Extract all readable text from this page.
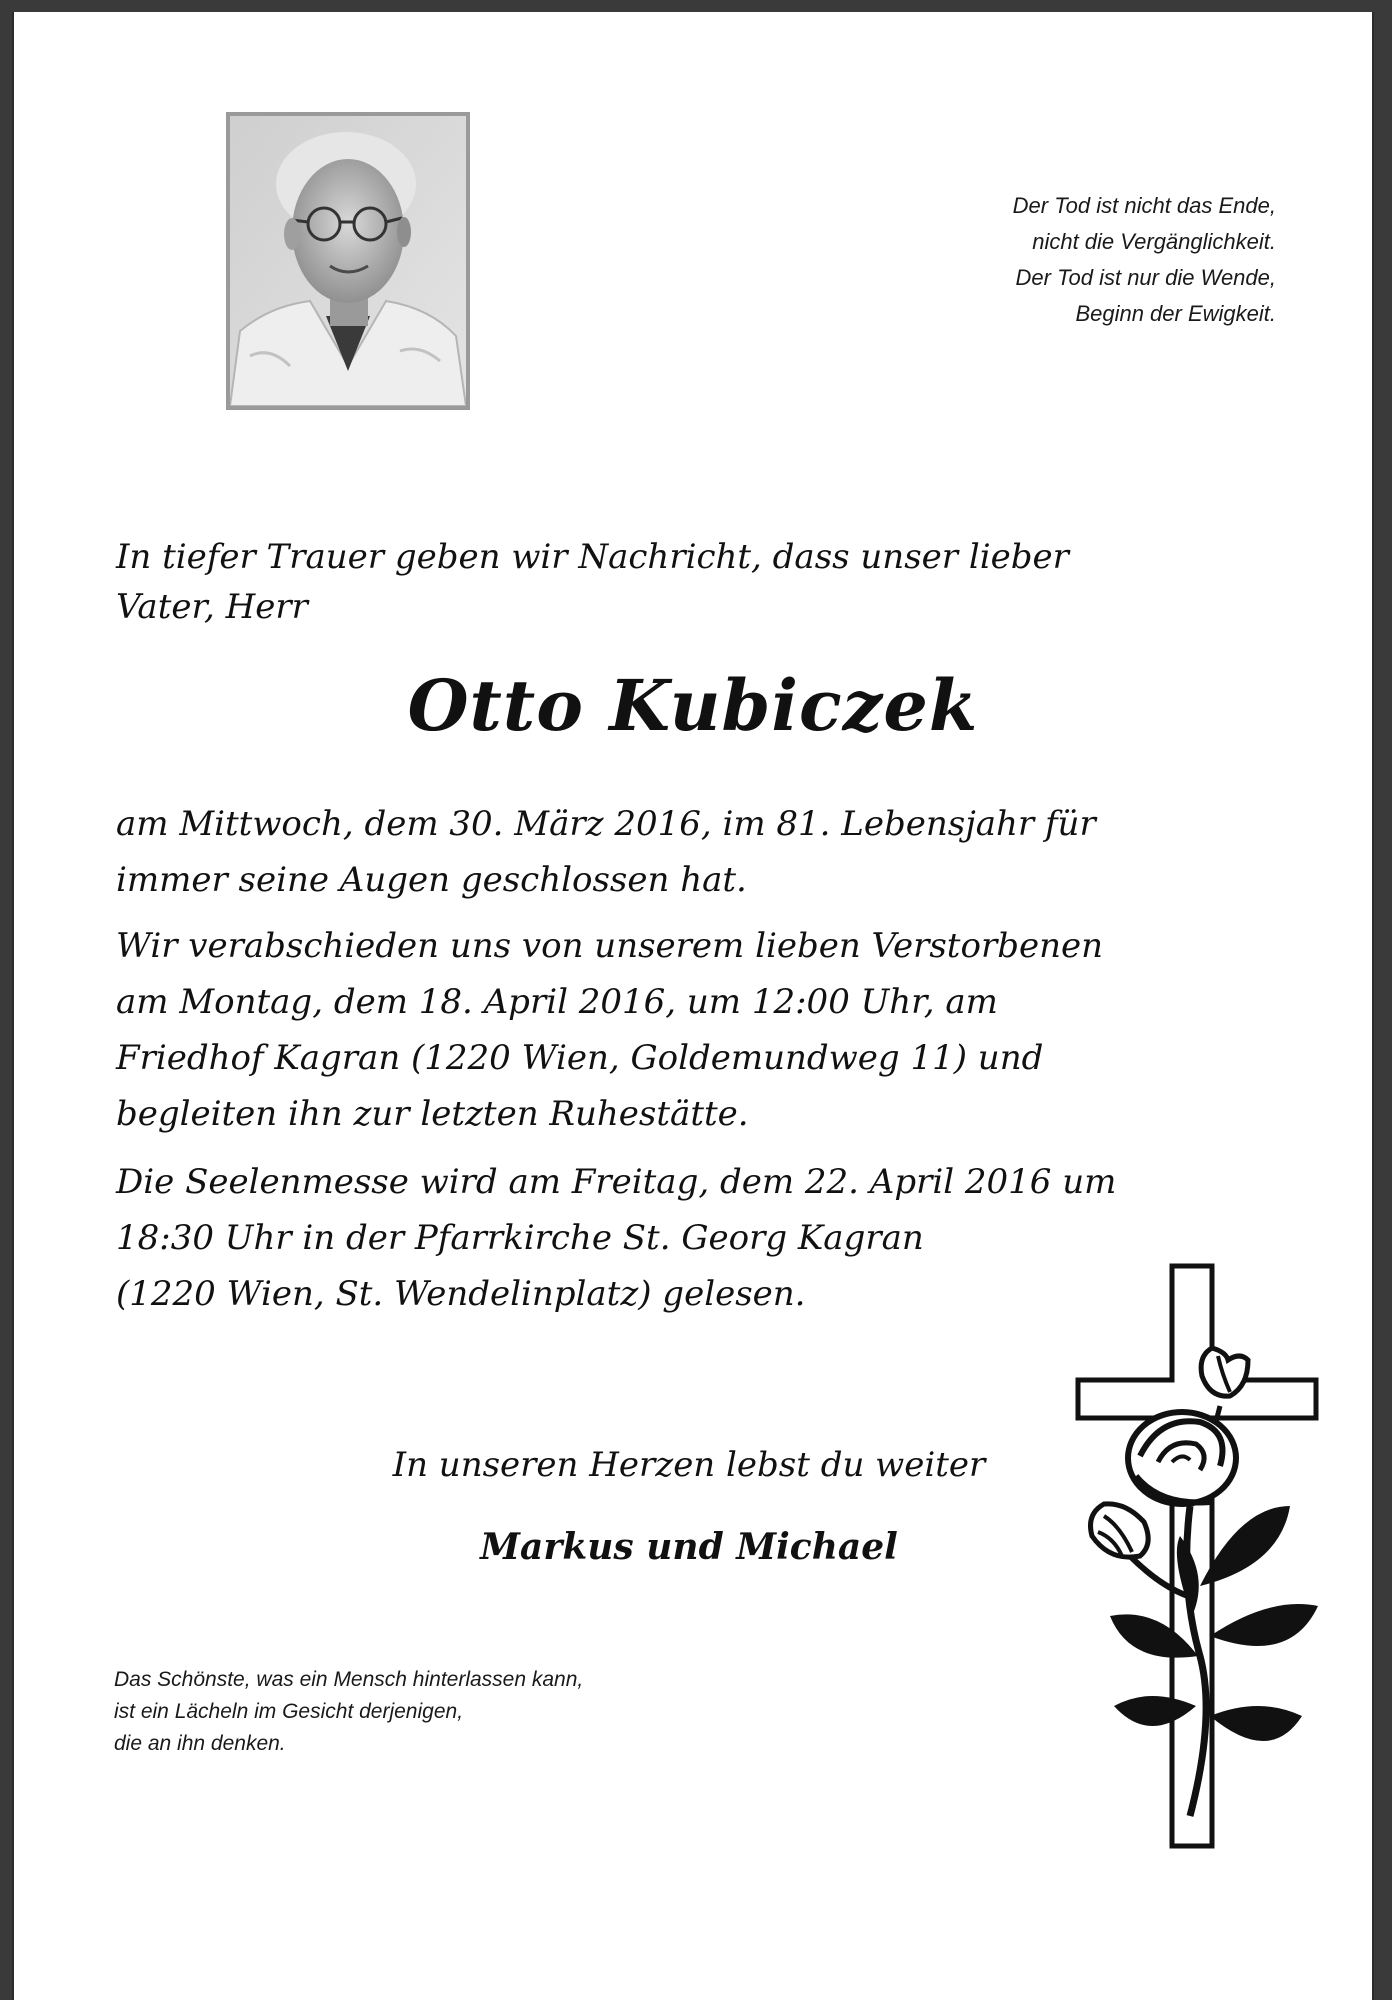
Der Tod ist nicht das Ende,
nicht die Vergänglichkeit.
Der Tod ist nur die Wende,
Beginn der Ewigkeit.
In tiefer Trauer geben wir Nachricht, dass unser lieber
Vater, Herr
Otto Kubiczek
am Mittwoch, dem 30. März 2016, im 81. Lebensjahr für
immer seine Augen geschlossen hat.
Wir verabschieden uns von unserem lieben Verstorbenen
am Montag, dem 18. April 2016, um 12:00 Uhr, am
Friedhof Kagran (1220 Wien, Goldemundweg 11) und
begleiten ihn zur letzten Ruhestätte.
Die Seelenmesse wird am Freitag, dem 22. April 2016 um
18:30 Uhr in der Pfarrkirche St. Georg Kagran
(1220 Wien, St. Wendelinplatz) gelesen.
In unseren Herzen lebst du weiter
Markus und Michael
Das Schönste, was ein Mensch hinterlassen kann,
ist ein Lächeln im Gesicht derjenigen,
die an ihn denken.
